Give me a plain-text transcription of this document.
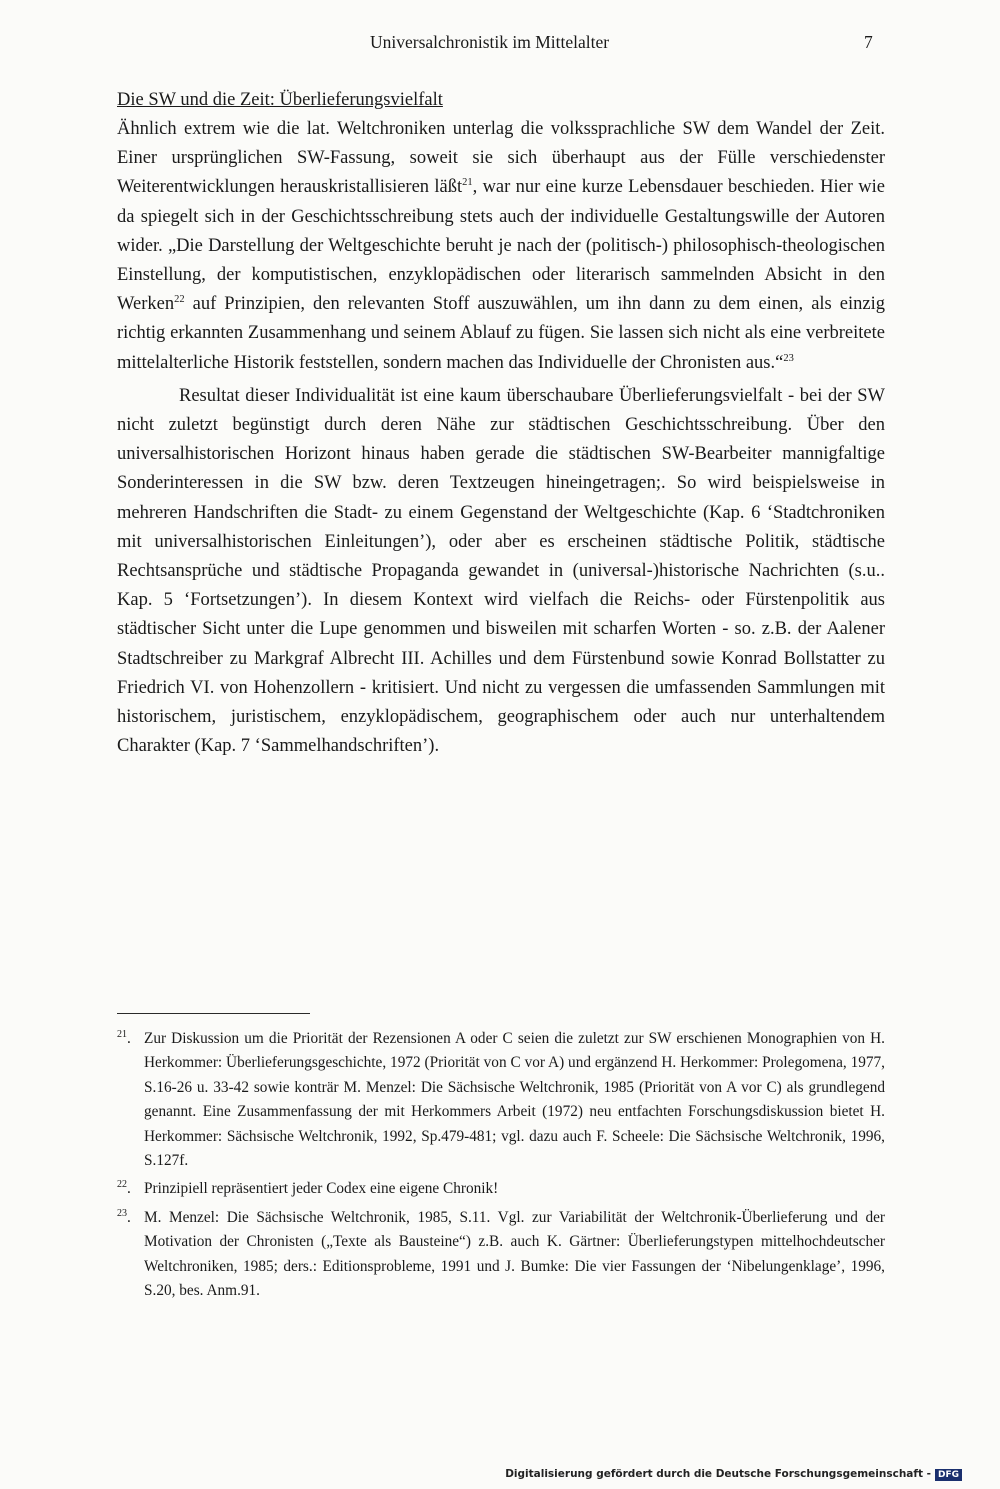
Universalchronistik im Mittelalter	7
Die SW und die Zeit: Überlieferungsvielfalt

Ähnlich extrem wie die lat. Weltchroniken unterlag die volkssprachliche SW dem Wandel der Zeit. Einer ursprünglichen SW-Fassung, soweit sie sich überhaupt aus der Fülle verschiedenster Weiterentwicklungen herauskristallisieren läßt$^{21}$, war nur eine kurze Lebensdauer beschieden. Hier wie da spiegelt sich in der Geschichtsschreibung stets auch der individuelle Gestaltungswille der Autoren wider. „Die Darstellung der Weltgeschichte beruht je nach der (politisch-) philosophisch-theologischen Einstellung, der komputistischen, enzyklopädischen oder literarisch sammelnden Absicht in den Werken$^{22}$ auf Prinzipien, den relevanten Stoff auszuwählen, um ihn dann zu dem einen, als einzig richtig erkannten Zusammenhang und seinem Ablauf zu fügen. Sie lassen sich nicht als eine verbreitete mittelalterliche Historik feststellen, sondern machen das Individuelle der Chronisten aus.“$^{23}$

Resultat dieser Individualität ist eine kaum überschaubare Überlieferungsvielfalt - bei der SW nicht zuletzt begünstigt durch deren Nähe zur städtischen Geschichtsschreibung. Über den universalhistorischen Horizont hinaus haben gerade die städtischen SW-Bearbeiter mannigfaltige Sonderinteressen in die SW bzw. deren Textzeugen hineingetragen;. So wird beispielsweise in mehreren Handschriften die Stadt- zu einem Gegenstand der Weltgeschichte (Kap. 6 ‘Stadtchroniken mit universalhistorischen Einleitungen’), oder aber es erscheinen städtische Politik, städtische Rechtsansprüche und städtische Propaganda gewandet in (universal-)historische Nachrichten (s.u.. Kap. 5 ‘Fortsetzungen’). In diesem Kontext wird vielfach die Reichs- oder Fürstenpolitik aus städtischer Sicht unter die Lupe genommen und bisweilen mit scharfen Worten - so. z.B. der Aalener Stadtschreiber zu Markgraf Albrecht III. Achilles und dem Fürstenbund sowie Konrad Bollstatter zu Friedrich VI. von Hohenzollern - kritisiert. Und nicht zu vergessen die umfassenden Sammlungen mit historischem, juristischem, enzyklopädischem, geographischem oder auch nur unterhaltendem Charakter (Kap. 7 ‘Sammelhandschriften’).

$^{21}$. Zur Diskussion um die Priorität der Rezensionen A oder C seien die zuletzt zur SW erschienen Monographien von H. Herkommer: Überlieferungsgeschichte, 1972 (Priorität von C vor A) und ergänzend H. Herkommer: Prolegomena, 1977, S.16-26 u. 33-42 sowie konträr M. Menzel: Die Sächsische Weltchronik, 1985 (Priorität von A vor C) als grundlegend genannt. Eine Zusammenfassung der mit Herkommers Arbeit (1972) neu entfachten Forschungsdiskussion bietet H. Herkommer: Sächsische Weltchronik, 1992, Sp.479-481; vgl. dazu auch F. Scheele: Die Sächsische Weltchronik, 1996, S.127f.

$^{22}$. Prinzipiell repräsentiert jeder Codex eine eigene Chronik!

$^{23}$. M. Menzel: Die Sächsische Weltchronik, 1985, S.11. Vgl. zur Variabilität der Weltchronik-Überlieferung und der Motivation der Chronisten („Texte als Bausteine“) z.B. auch K. Gärtner: Überlieferungstypen mittelhochdeutscher Weltchroniken, 1985; ders.: Editionsprobleme, 1991 und J. Bumke: Die vier Fassungen der ‘Nibelungenklage’, 1996, S.20, bes. Anm.91.

Digitalisierung gefördert durch die Deutsche Forschungsgemeinschaft - DFG
